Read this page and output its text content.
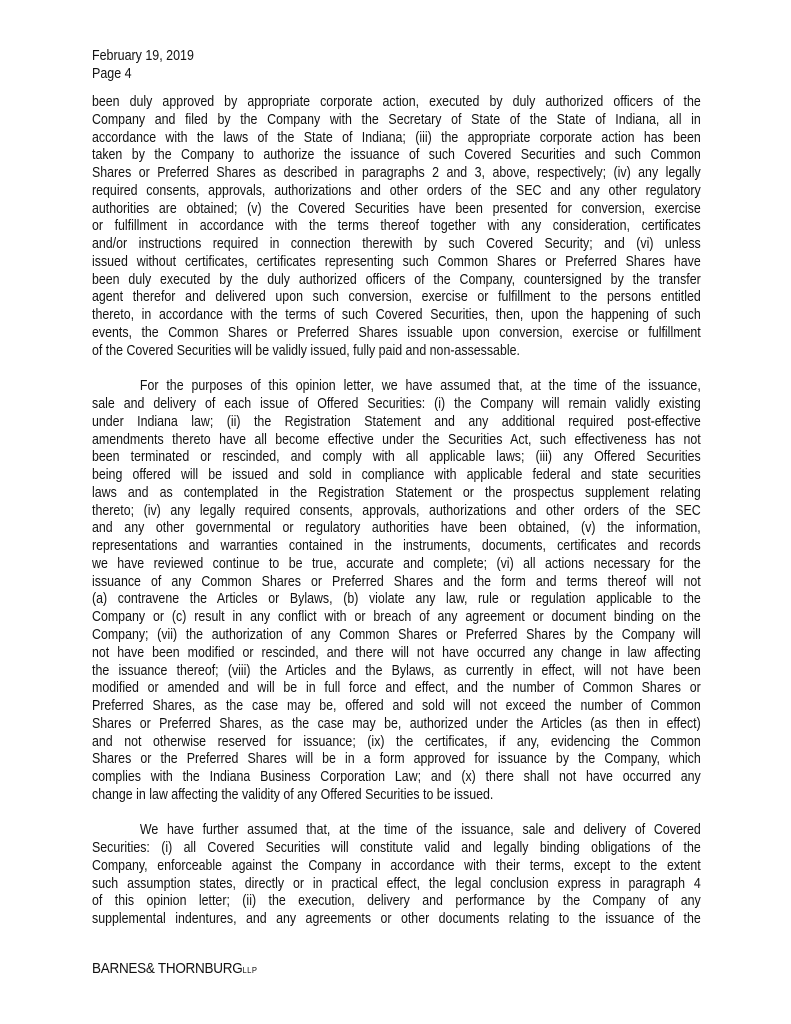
February 19, 2019
Page 4
been duly approved by appropriate corporate action, executed by duly authorized officers of the
Company and filed by the Company with the Secretary of State of the State of Indiana, all in
accordance with the laws of the State of Indiana; (iii) the appropriate corporate action has been
taken by the Company to authorize the issuance of such Covered Securities and such Common
Shares or Preferred Shares as described in paragraphs 2 and 3, above, respectively; (iv) any legally
required consents, approvals, authorizations and other orders of the SEC and any other regulatory
authorities are obtained; (v) the Covered Securities have been presented for conversion, exercise
or fulfillment in accordance with the terms thereof together with any consideration, certificates
and/or instructions required in connection therewith by such Covered Security; and (vi) unless
issued without certificates, certificates representing such Common Shares or Preferred Shares have
been duly executed by the duly authorized officers of the Company, countersigned by the transfer
agent therefor and delivered upon such conversion, exercise or fulfillment to the persons entitled
thereto, in accordance with the terms of such Covered Securities, then, upon the happening of such
events, the Common Shares or Preferred Shares issuable upon conversion, exercise or fulfillment
of the Covered Securities will be validly issued, fully paid and non-assessable.
For the purposes of this opinion letter, we have assumed that, at the time of the issuance,
sale and delivery of each issue of Offered Securities: (i) the Company will remain validly existing
under Indiana law; (ii) the Registration Statement and any additional required post-effective
amendments thereto have all become effective under the Securities Act, such effectiveness has not
been terminated or rescinded, and comply with all applicable laws; (iii) any Offered Securities
being offered will be issued and sold in compliance with applicable federal and state securities
laws and as contemplated in the Registration Statement or the prospectus supplement relating
thereto; (iv) any legally required consents, approvals, authorizations and other orders of the SEC
and any other governmental or regulatory authorities have been obtained, (v) the information,
representations and warranties contained in the instruments, documents, certificates and records
we have reviewed continue to be true, accurate and complete; (vi) all actions necessary for the
issuance of any Common Shares or Preferred Shares and the form and terms thereof will not
(a) contravene the Articles or Bylaws, (b) violate any law, rule or regulation applicable to the
Company or (c) result in any conflict with or breach of any agreement or document binding on the
Company; (vii) the authorization of any Common Shares or Preferred Shares by the Company will
not have been modified or rescinded, and there will not have occurred any change in law affecting
the issuance thereof; (viii) the Articles and the Bylaws, as currently in effect, will not have been
modified or amended and will be in full force and effect, and the number of Common Shares or
Preferred Shares, as the case may be, offered and sold will not exceed the number of Common
Shares or Preferred Shares, as the case may be, authorized under the Articles (as then in effect)
and not otherwise reserved for issuance; (ix) the certificates, if any, evidencing the Common
Shares or the Preferred Shares will be in a form approved for issuance by the Company, which
complies with the Indiana Business Corporation Law; and (x) there shall not have occurred any
change in law affecting the validity of any Offered Securities to be issued.
We have further assumed that, at the time of the issuance, sale and delivery of Covered
Securities: (i) all Covered Securities will constitute valid and legally binding obligations of the
Company, enforceable against the Company in accordance with their terms, except to the extent
such assumption states, directly or in practical effect, the legal conclusion express in paragraph 4
of this opinion letter; (ii) the execution, delivery and performance by the Company of any
supplemental indentures, and any agreements or other documents relating to the issuance of the
BARNES& THORNBURGLLP
